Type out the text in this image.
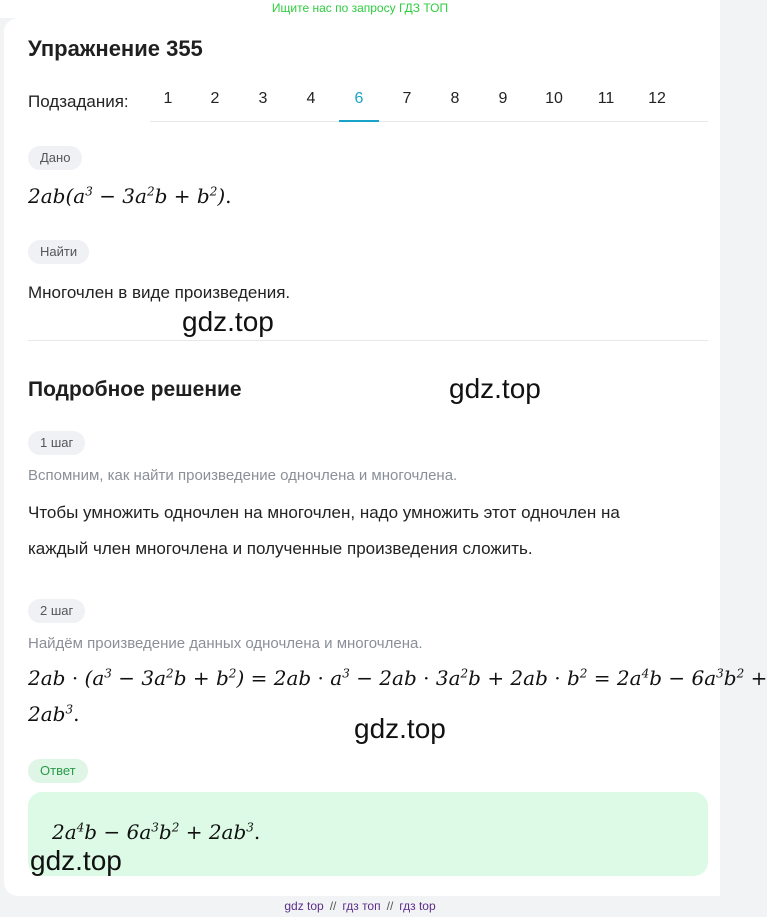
Ищите нас по запросу ГДЗ ТОП
Упражнение 355
Подзадания:	1	2	3	4	6	7	8	9	10	11	12
Дано
$2ab(a^3 - 3a^2b + b^2)$.
Найти
Многочлен в виде произведения.
Подробное решение
1 шаг
Вспомним, как найти произведение одночлена и многочлена.
Чтобы умножить одночлен на многочлен, надо умножить этот одночлен на
каждый член многочлена и полученные произведения сложить.
2 шаг
Найдём произведение данных одночлена и многочлена.
$2ab \cdot (a^3 - 3a^2b + b^2) = 2ab \cdot a^3 - 2ab \cdot 3a^2b + 2ab \cdot b^2 = 2a^4b - 6a^3b^2$ +
$2ab^3$.
Ответ
$2a^4b - 6a^3b^2 + 2ab^3$.
gdz.top
gdz.top
gdz.top
gdz.top
gdz top // гдз топ // гдз top
